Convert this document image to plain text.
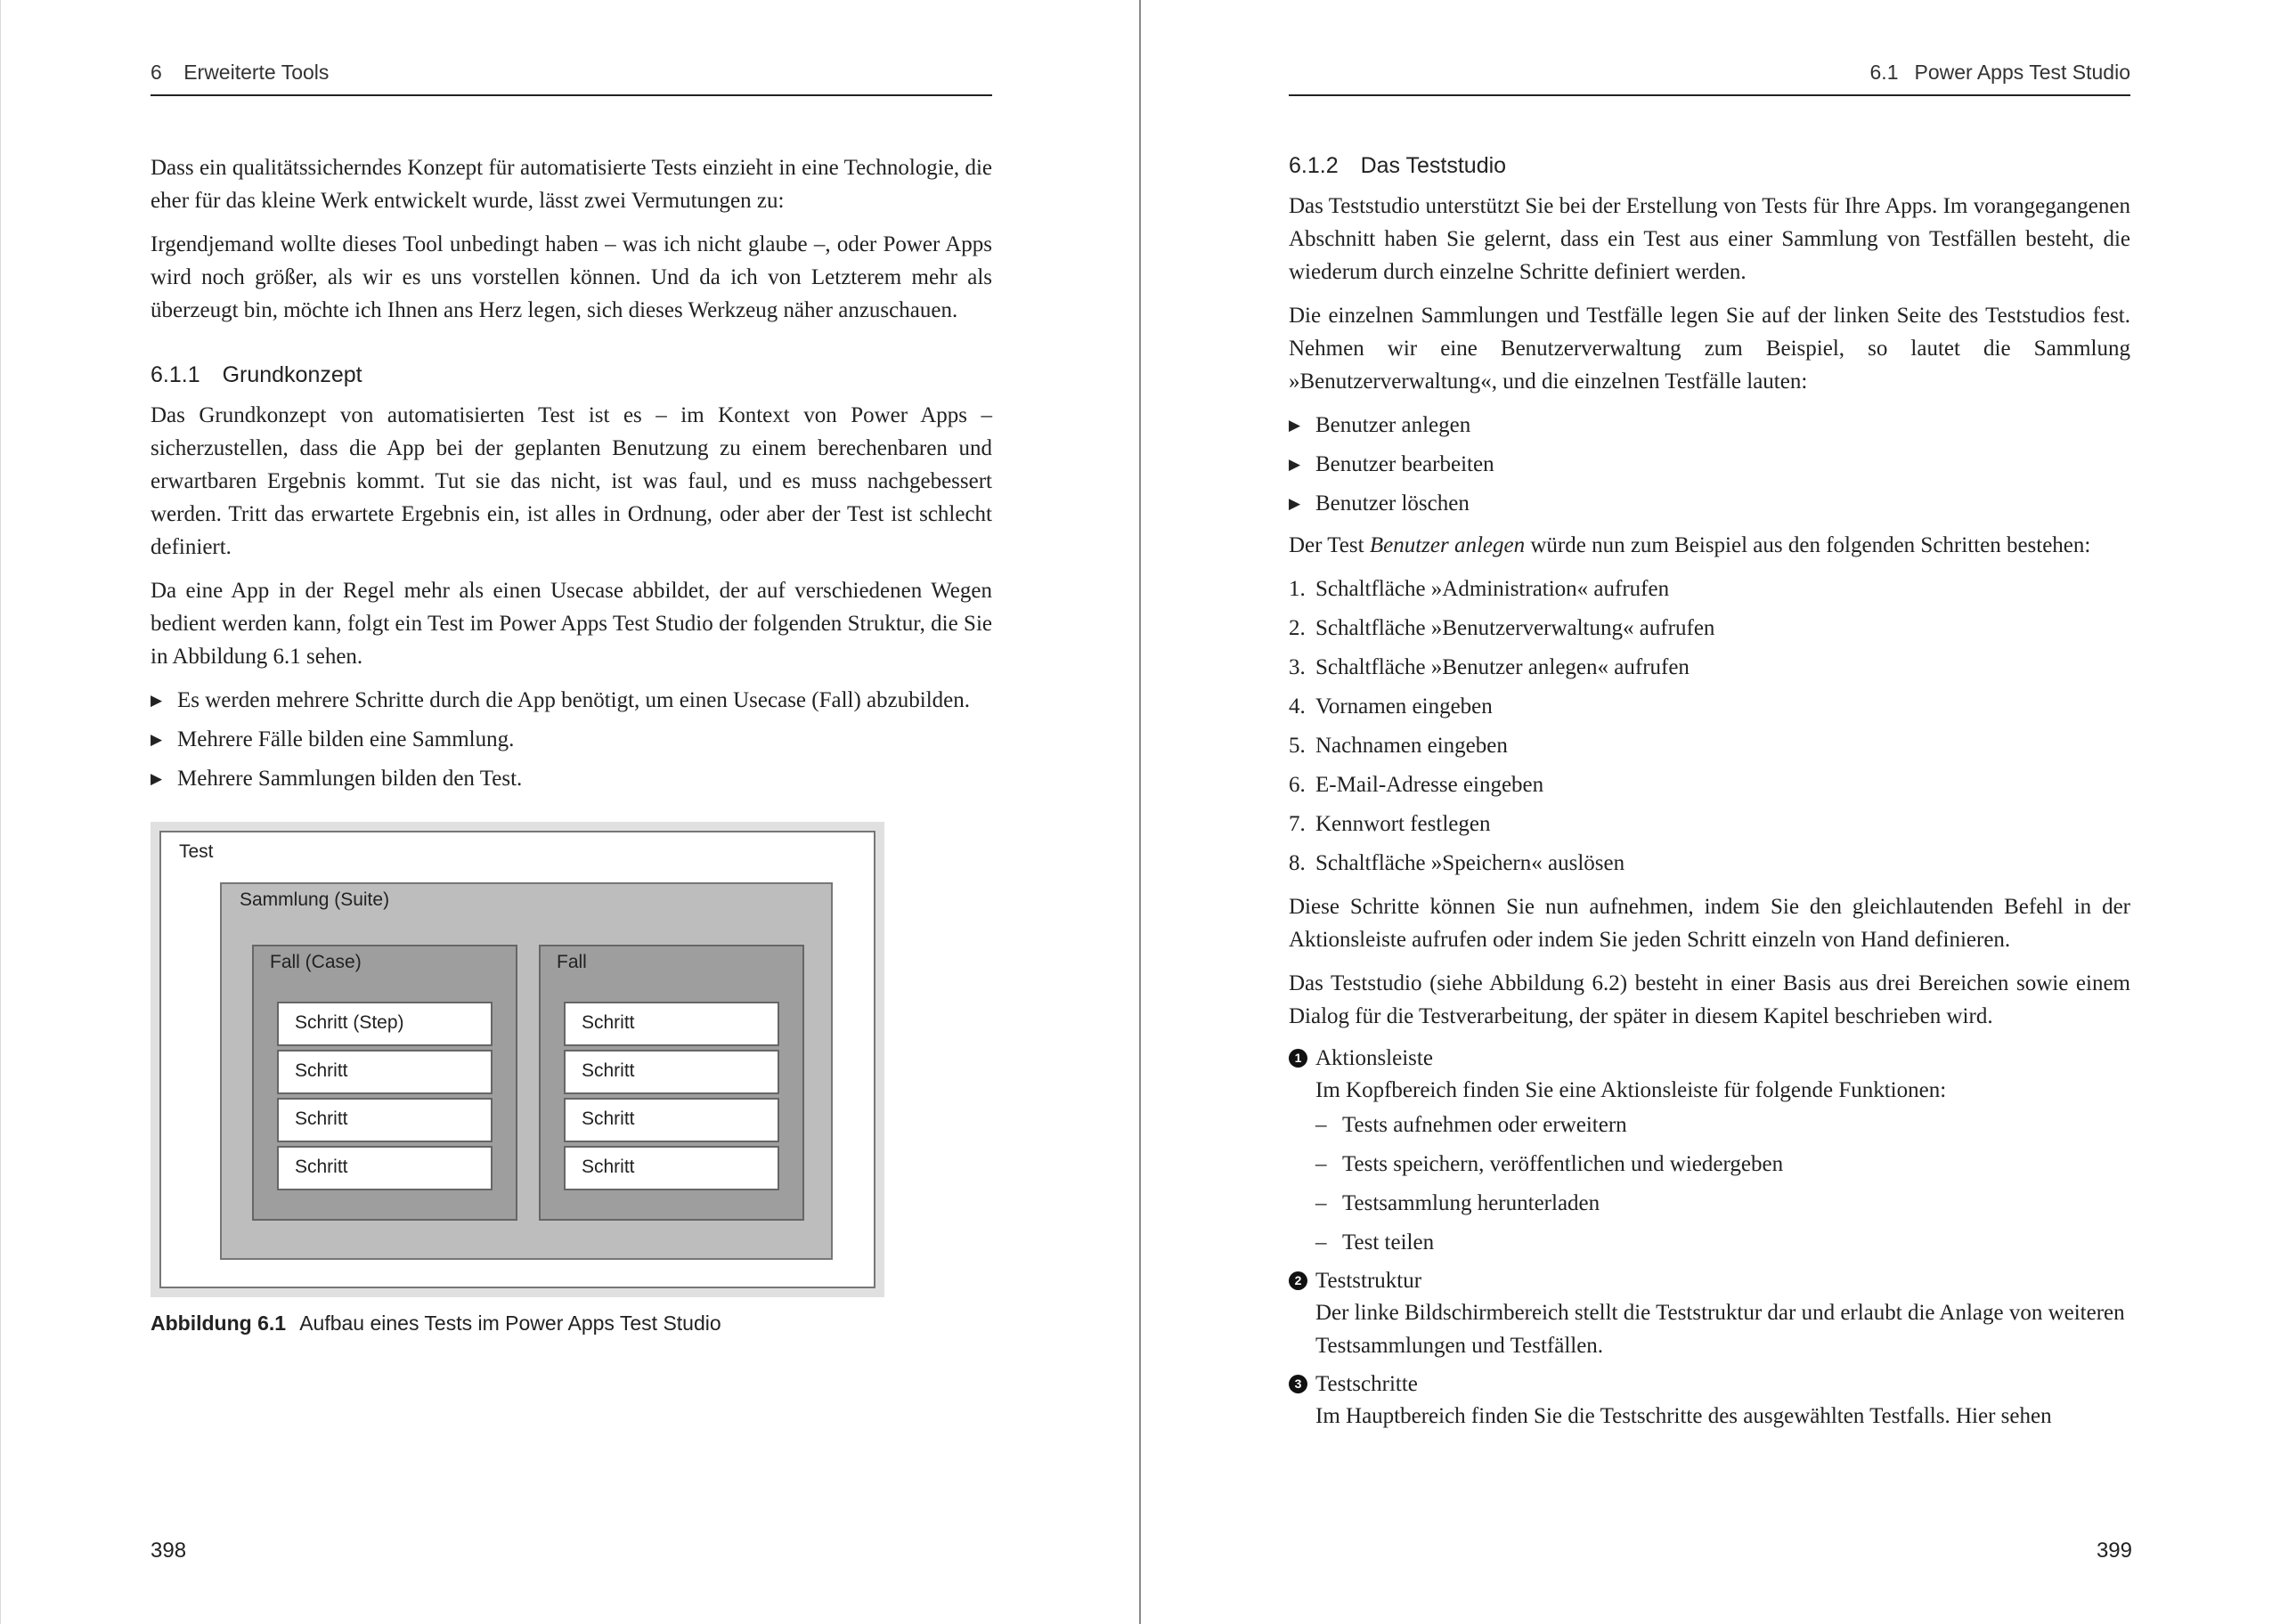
6 Erweiterte Tools

Dass ein qualitätssicherndes Konzept für automatisierte Tests einzieht in eine Technologie, die eher für das kleine Werk entwickelt wurde, lässt zwei Vermutungen zu:

Irgendjemand wollte dieses Tool unbedingt haben – was ich nicht glaube –, oder Power Apps wird noch größer, als wir es uns vorstellen können. Und da ich von Letzterem mehr als überzeugt bin, möchte ich Ihnen ans Herz legen, sich dieses Werkzeug näher anzuschauen.

6.1.1 Grundkonzept

Das Grundkonzept von automatisierten Test ist es – im Kontext von Power Apps – sicherzustellen, dass die App bei der geplanten Benutzung zu einem berechenbaren und erwartbaren Ergebnis kommt. Tut sie das nicht, ist was faul, und es muss nachgebessert werden. Tritt das erwartete Ergebnis ein, ist alles in Ordnung, oder aber der Test ist schlecht definiert.

Da eine App in der Regel mehr als einen Usecase abbildet, der auf verschiedenen Wegen bedient werden kann, folgt ein Test im Power Apps Test Studio der folgenden Struktur, die Sie in Abbildung 6.1 sehen.

▶ Es werden mehrere Schritte durch die App benötigt, um einen Usecase (Fall) abzubilden.
▶ Mehrere Fälle bilden eine Sammlung.
▶ Mehrere Sammlungen bilden den Test.
Test
Sammlung (Suite)
Fall (Case)
Schritt (Step)
Schritt
Schritt
Schritt
Fall
Schritt
Schritt
Schritt
Schritt
Abbildung 6.1 Aufbau eines Tests im Power Apps Test Studio
398
6.1 Power Apps Test Studio
6.1.2 Das Teststudio

Das Teststudio unterstützt Sie bei der Erstellung von Tests für Ihre Apps. Im vorangegangenen Abschnitt haben Sie gelernt, dass ein Test aus einer Sammlung von Testfällen besteht, die wiederum durch einzelne Schritte definiert werden.

Die einzelnen Sammlungen und Testfälle legen Sie auf der linken Seite des Teststudios fest. Nehmen wir eine Benutzerverwaltung zum Beispiel, so lautet die Sammlung »Benutzerverwaltung«, und die einzelnen Testfälle lauten:

▶ Benutzer anlegen
▶ Benutzer bearbeiten
▶ Benutzer löschen

Der Test Benutzer anlegen würde nun zum Beispiel aus den folgenden Schritten bestehen:

1. Schaltfläche »Administration« aufrufen
2. Schaltfläche »Benutzerverwaltung« aufrufen
3. Schaltfläche »Benutzer anlegen« aufrufen
4. Vornamen eingeben
5. Nachnamen eingeben
6. E-Mail-Adresse eingeben
7. Kennwort festlegen
8. Schaltfläche »Speichern« auslösen

Diese Schritte können Sie nun aufnehmen, indem Sie den gleichlautenden Befehl in der Aktionsleiste aufrufen oder indem Sie jeden Schritt einzeln von Hand definieren.

Das Teststudio (siehe Abbildung 6.2) besteht in einer Basis aus drei Bereichen sowie einem Dialog für die Testverarbeitung, der später in diesem Kapitel beschrieben wird.

1 Aktionsleiste
Im Kopfbereich finden Sie eine Aktionsleiste für folgende Funktionen:
– Tests aufnehmen oder erweitern
– Tests speichern, veröffentlichen und wiedergeben
– Testsammlung herunterladen
– Test teilen
2 Teststruktur
Der linke Bildschirmbereich stellt die Teststruktur dar und erlaubt die Anlage von weiteren Testsammlungen und Testfällen.
3 Testschritte
Im Hauptbereich finden Sie die Testschritte des ausgewählten Testfalls. Hier sehen
399
